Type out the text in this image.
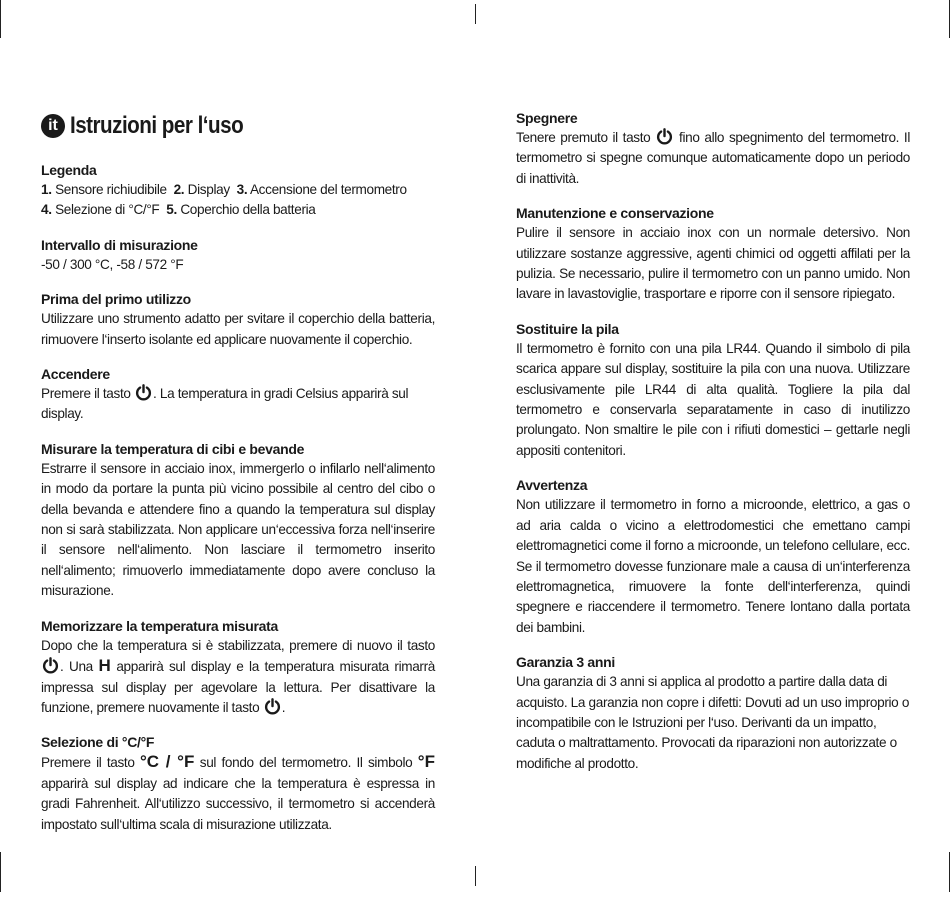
it Istruzioni per l‘uso
Legenda

1. Sensore richiudibile 2. Display 3. Accensione del termometro
4. Selezione di °C/°F 5. Coperchio della batteria

Intervallo di misurazione

-50 / 300 °C, -58 / 572 °F

Prima del primo utilizzo

Utilizzare uno strumento adatto per svitare il coperchio della batteria, rimuovere l‘inserto isolante ed applicare nuovamente il coperchio.

Accendere

Premere il tasto . La temperatura in gradi Celsius apparirà sul display.

Misurare la temperatura di cibi e bevande

Estrarre il sensore in acciaio inox, immergerlo o infilarlo nell‘alimento in modo da portare la punta più vicino possibile al centro del cibo o della bevanda e attendere fino a quando la temperatura sul display non si sarà stabilizzata. Non applicare un‘eccessiva forza nell‘inserire il sensore nell‘alimento. Non lasciare il termometro inserito nell‘alimento; rimuoverlo immediatamente dopo avere concluso la misurazione.

Memorizzare la temperatura misurata

Dopo che la temperatura si è stabilizzata, premere di nuovo il tasto . Una H apparirà sul display e la temperatura misurata rimarrà impressa sul display per agevolare la lettura. Per disattivare la funzione, premere nuovamente il tasto .

Selezione di °C/°F

Premere il tasto °C / °F sul fondo del termometro. Il simbolo °F apparirà sul display ad indicare che la temperatura è espressa in gradi Fahrenheit. All‘utilizzo successivo, il termometro si accenderà impostato sull‘ultima scala di misurazione utilizzata.

Spegnere

Tenere premuto il tasto fino allo spegnimento del termometro. Il termometro si spegne comunque automaticamente dopo un periodo di inattività.

Manutenzione e conservazione

Pulire il sensore in acciaio inox con un normale detersivo. Non utilizzare sostanze aggressive, agenti chimici od oggetti affilati per la pulizia. Se necessario, pulire il termometro con un panno umido. Non lavare in lavastoviglie, trasportare e riporre con il sensore ripiegato.

Sostituire la pila

Il termometro è fornito con una pila LR44. Quando il simbolo di pila scarica appare sul display, sostituire la pila con una nuova. Utilizzare esclusivamente pile LR44 di alta qualità. Togliere la pila dal termometro e conservarla separatamente in caso di inutilizzo prolungato. Non smaltire le pile con i rifiuti domestici – gettarle negli appositi contenitori.

Avvertenza

Non utilizzare il termometro in forno a microonde, elettrico, a gas o ad aria calda o vicino a elettrodomestici che emettano campi elettromagnetici come il forno a microonde, un telefono cellulare, ecc. Se il termometro dovesse funzionare male a causa di un‘interferenza elettromagnetica, rimuovere la fonte dell‘interferenza, quindi spegnere e riaccendere il termometro. Tenere lontano dalla portata dei bambini.

Garanzia 3 anni

Una garanzia di 3 anni si applica al prodotto a partire dalla data di acquisto. La garanzia non copre i difetti: Dovuti ad un uso improprio o incompatibile con le Istruzioni per l‘uso. Derivanti da un impatto, caduta o maltrattamento. Provocati da riparazioni non autorizzate o modifiche al prodotto.
